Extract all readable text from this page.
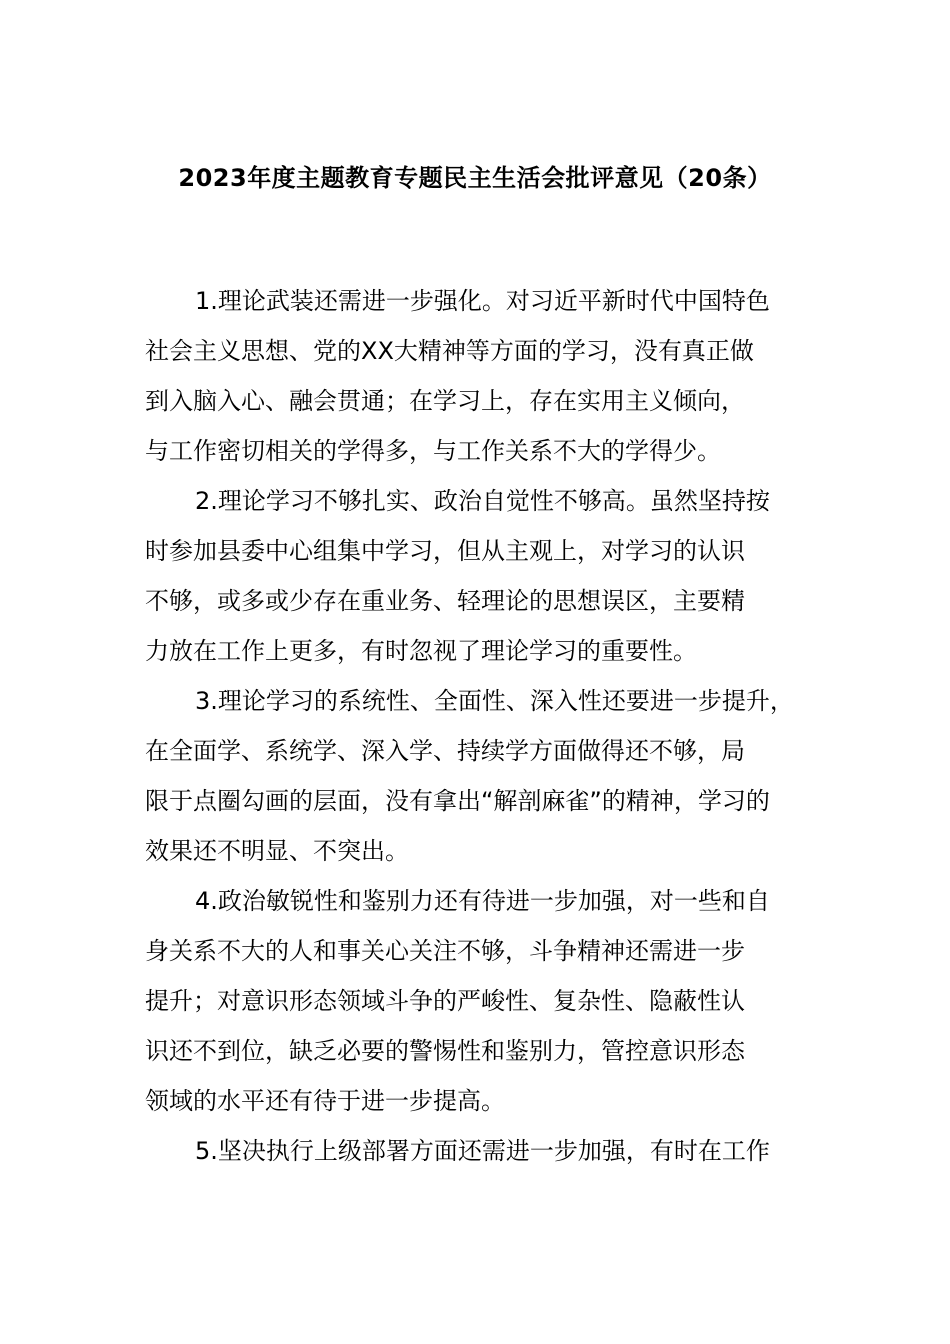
2023年度主题教育专题民主生活会批评意见（20条）
1.理论武装还需进一步强化。对习近平新时代中国特色
社会主义思想、党的XX大精神等方面的学习，没有真正做
到入脑入心、融会贯通；在学习上，存在实用主义倾向，
与工作密切相关的学得多，与工作关系不大的学得少。
2.理论学习不够扎实、政治自觉性不够高。虽然坚持按
时参加县委中心组集中学习，但从主观上，对学习的认识
不够，或多或少存在重业务、轻理论的思想误区，主要精
力放在工作上更多，有时忽视了理论学习的重要性。
3.理论学习的系统性、全面性、深入性还要进一步提升，
在全面学、系统学、深入学、持续学方面做得还不够，局
限于点圈勾画的层面，没有拿出“解剖麻雀”的精神，学习的
效果还不明显、不突出。
4.政治敏锐性和鉴别力还有待进一步加强，对一些和自
身关系不大的人和事关心关注不够，斗争精神还需进一步
提升；对意识形态领域斗争的严峻性、复杂性、隐蔽性认
识还不到位，缺乏必要的警惕性和鉴别力，管控意识形态
领域的水平还有待于进一步提高。
5.坚决执行上级部署方面还需进一步加强，有时在工作
